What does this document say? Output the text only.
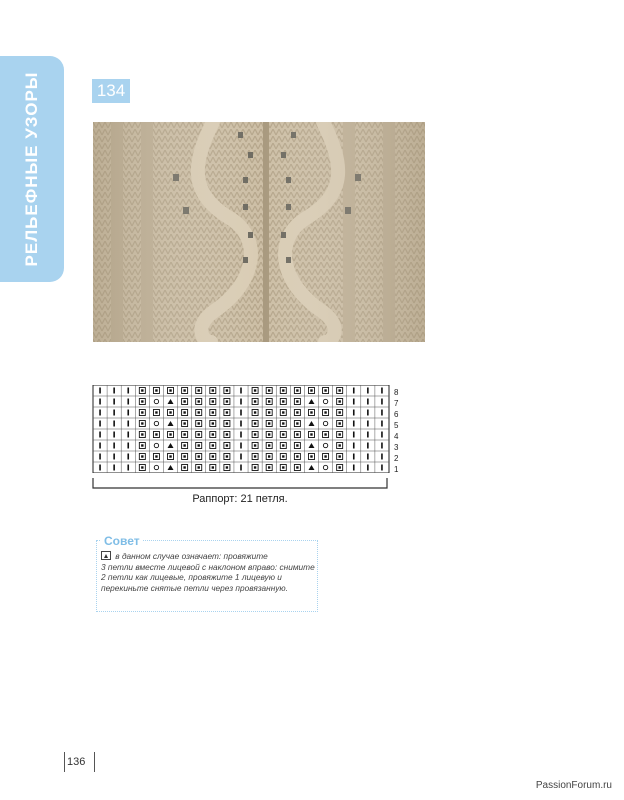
РЕЛЬЕФНЫЕ УЗОРЫ	134
8
7
6
5
4
3
2
1
Раппорт: 21 петля.
Совет
в данном случае означает: провяжите
3 петли вместе лицевой с наклоном вправо: снимите 2 петли как лицевые, провяжите 1 лицевую и перекиньте снятые петли через провязанную.
136
PassionForum.ru
